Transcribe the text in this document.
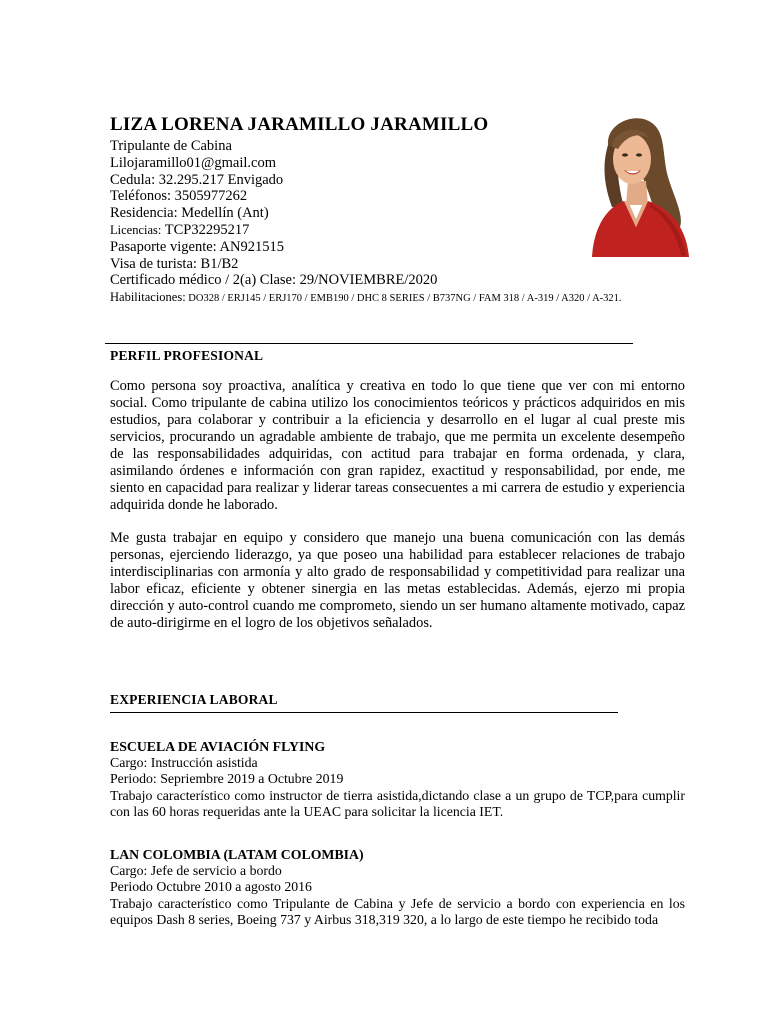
LIZA LORENA JARAMILLO JARAMILLO
Tripulante de Cabina
Lilojaramillo01@gmail.com
Cedula: 32.295.217 Envigado
Teléfonos: 3505977262
Residencia: Medellín (Ant)
Licencias: TCP32295217
Pasaporte vigente: AN921515
Visa de turista: B1/B2
Certificado médico / 2(a) Clase: 29/NOVIEMBRE/2020
Habilitaciones: DO328 / ERJ145 / ERJ170 / EMB190 / DHC 8 SERIES / B737NG / FAM 318 / A-319 / A320 / A-321.
PERFIL PROFESIONAL

Como persona soy proactiva, analítica y creativa en todo lo que tiene que ver con mi entorno social. Como tripulante de cabina utilizo los conocimientos teóricos y prácticos adquiridos en mis estudios, para colaborar y contribuir a la eficiencia y desarrollo en el lugar al cual preste mis servicios, procurando un agradable ambiente de trabajo, que me permita un excelente desempeño de las responsabilidades adquiridas, con actitud para trabajar en forma ordenada, y clara, asimilando órdenes e información con gran rapidez, exactitud y responsabilidad, por ende, me siento en capacidad para realizar y liderar tareas consecuentes a mi carrera de estudio y experiencia adquirida donde he laborado.

Me gusta trabajar en equipo y considero que manejo una buena comunicación con las demás personas, ejerciendo liderazgo, ya que poseo una habilidad para establecer relaciones de trabajo interdisciplinarias con armonía y alto grado de responsabilidad y competitividad para realizar una labor eficaz, eficiente y obtener sinergia en las metas establecidas. Además, ejerzo mi propia dirección y auto-control cuando me comprometo, siendo un ser humano altamente motivado, capaz de auto-dirigirme en el logro de los objetivos señalados.

EXPERIENCIA LABORAL
ESCUELA DE AVIACIÓN FLYING
Cargo: Instrucción asistida
Periodo: Sepriembre 2019 a Octubre 2019
Trabajo característico como instructor de tierra asistida,dictando clase a un grupo de TCP,para cumplir con las 60 horas requeridas ante la UEAC para solicitar la licencia IET.
LAN COLOMBIA (LATAM COLOMBIA)
Cargo: Jefe de servicio a bordo
Periodo Octubre 2010 a agosto 2016
Trabajo característico como Tripulante de Cabina y Jefe de servicio a bordo con experiencia en los equipos Dash 8 series, Boeing 737 y Airbus 318,319 320, a lo largo de este tiempo he recibido toda
